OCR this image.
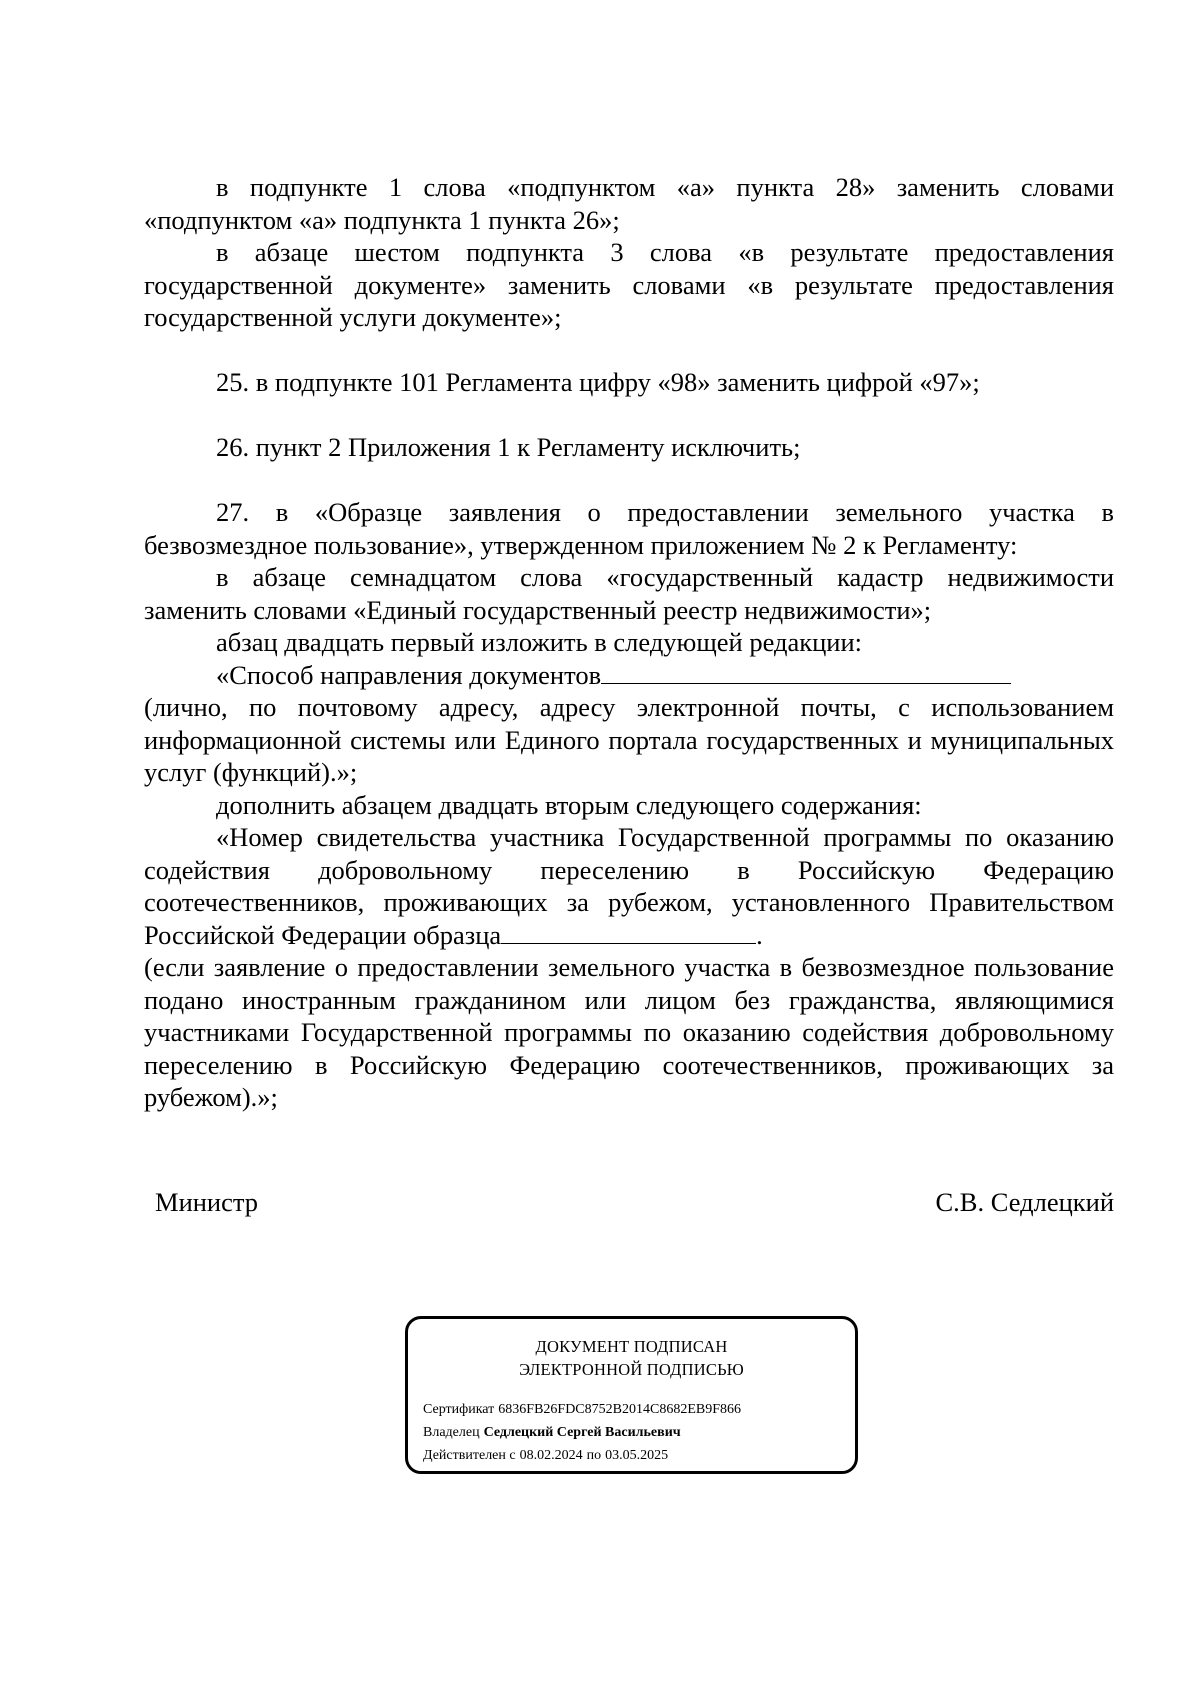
в подпункте 1 слова «подпунктом «а» пункта 28» заменить словами «подпунктом «а» подпункта 1 пункта 26»;

в абзаце шестом подпункта 3 слова «в результате предоставления государственной документе» заменить словами «в результате предоставления государственной услуги документе»;

25. в подпункте 101 Регламента цифру «98» заменить цифрой «97»;

26. пункт 2 Приложения 1 к Регламенту исключить;

27. в «Образце заявления о предоставлении земельного участка в безвозмездное пользование», утвержденном приложением № 2 к Регламенту:

в абзаце семнадцатом слова «государственный кадастр недвижимости заменить словами «Единый государственный реестр недвижимости»;

абзац двадцать первый изложить в следующей редакции:

«Способ направления документов

(лично, по почтовому адресу, адресу электронной почты, с использованием информационной системы или Единого портала государственных и муниципальных услуг (функций).»;

дополнить абзацем двадцать вторым следующего содержания:

«Номер свидетельства участника Государственной программы по оказанию содействия добровольному переселению в Российскую Федерацию соотечественников, проживающих за рубежом, установленного Правительством Российской Федерации образца	.

(если заявление о предоставлении земельного участка в безвозмездное пользование подано иностранным гражданином или лицом без гражданства, являющимися участниками Государственной программы по оказанию содействия добровольному переселению в Российскую Федерацию соотечественников, проживающих за рубежом).»;

Министр	С.В. Седлецкий
ДОКУМЕНТ ПОДПИСАН
ЭЛЕКТРОННОЙ ПОДПИСЬЮ
Сертификат 6836FB26FDC8752B2014C8682EB9F866
Владелец Седлецкий Сергей Васильевич
Действителен с 08.02.2024 по 03.05.2025
